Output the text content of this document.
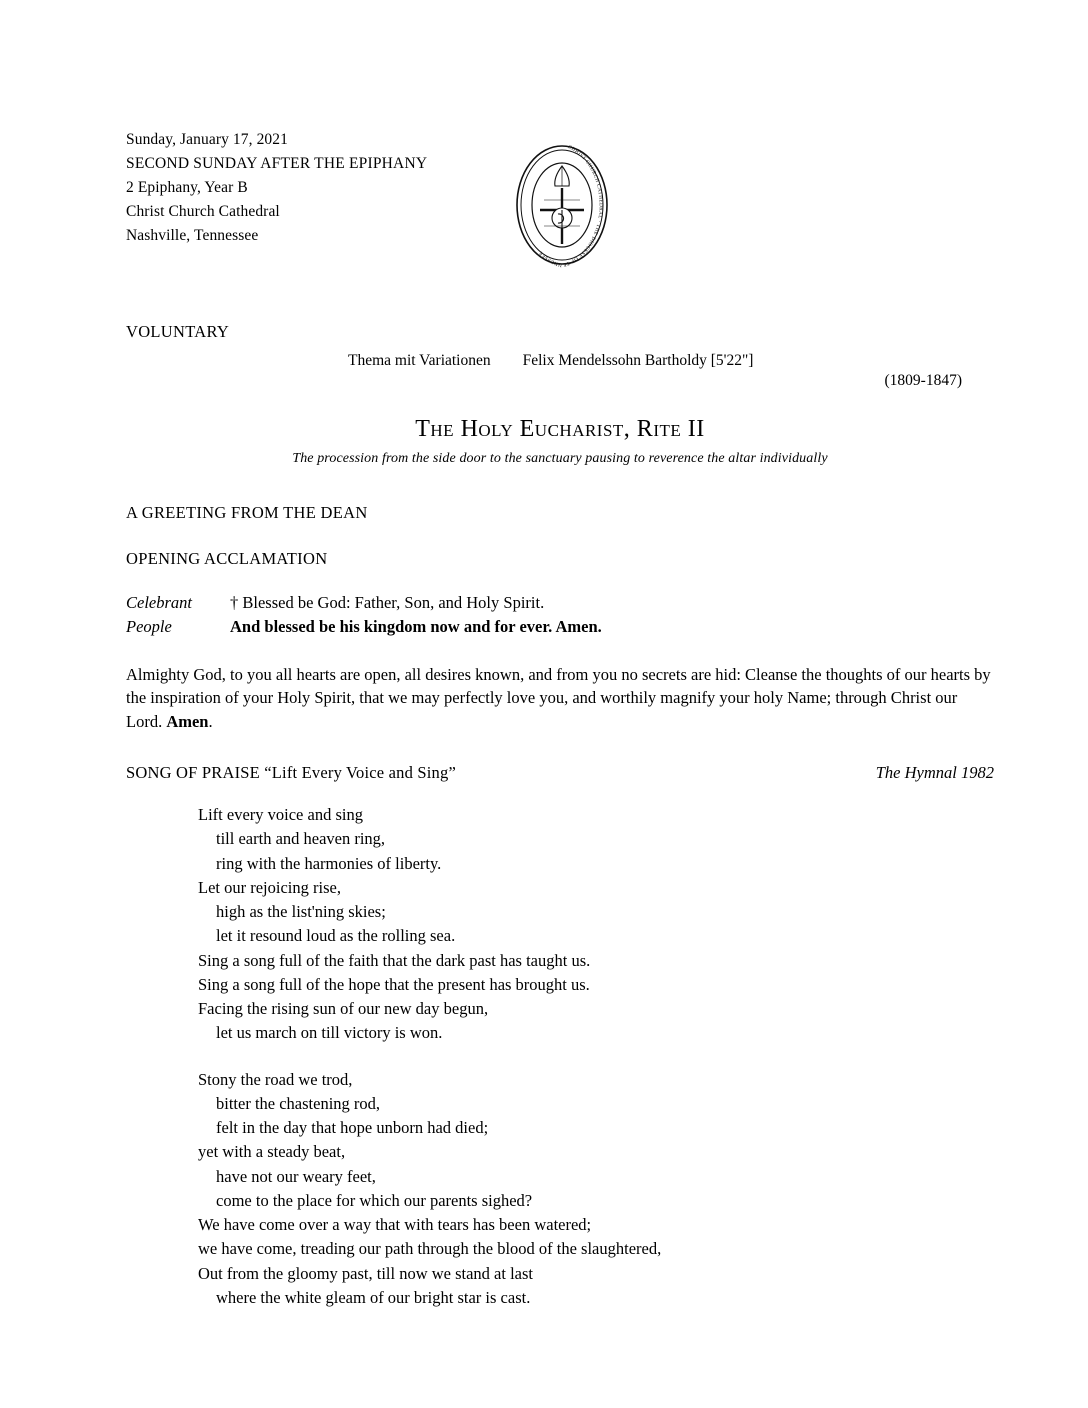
Sunday, January 17, 2021
SECOND SUNDAY AFTER THE EPIPHANY
2 Epiphany, Year B
Christ Church Cathedral
Nashville, Tennessee
CHRIST CHURCH CATHEDRAL · THE DIOCESE OF TENNESSEE
VOLUNTARY
Thema mit Variationen Felix Mendelssohn Bartholdy [5'22"]
(1809-1847)
The Holy Eucharist, Rite II
The procession from the side door to the sanctuary pausing to reverence the altar individually
A GREETING FROM THE DEAN
OPENING ACCLAMATION
Celebrant	† Blessed be God: Father, Son, and Holy Spirit.
People	And blessed be his kingdom now and for ever. Amen.
Almighty God, to you all hearts are open, all desires known, and from you no secrets are hid: Cleanse the thoughts of our hearts by the inspiration of your Holy Spirit, that we may perfectly love you, and worthily magnify your holy Name; through Christ our Lord. Amen.
SONG OF PRAISE “Lift Every Voice and Sing”	The Hymnal 1982
Lift every voice and sing
till earth and heaven ring,
ring with the harmonies of liberty.
Let our rejoicing rise,
high as the list'ning skies;
let it resound loud as the rolling sea.
Sing a song full of the faith that the dark past has taught us.
Sing a song full of the hope that the present has brought us.
Facing the rising sun of our new day begun,
let us march on till victory is won.
Stony the road we trod,
bitter the chastening rod,
felt in the day that hope unborn had died;
yet with a steady beat,
have not our weary feet,
come to the place for which our parents sighed?
We have come over a way that with tears has been watered;
we have come, treading our path through the blood of the slaughtered,
Out from the gloomy past, till now we stand at last
where the white gleam of our bright star is cast.
